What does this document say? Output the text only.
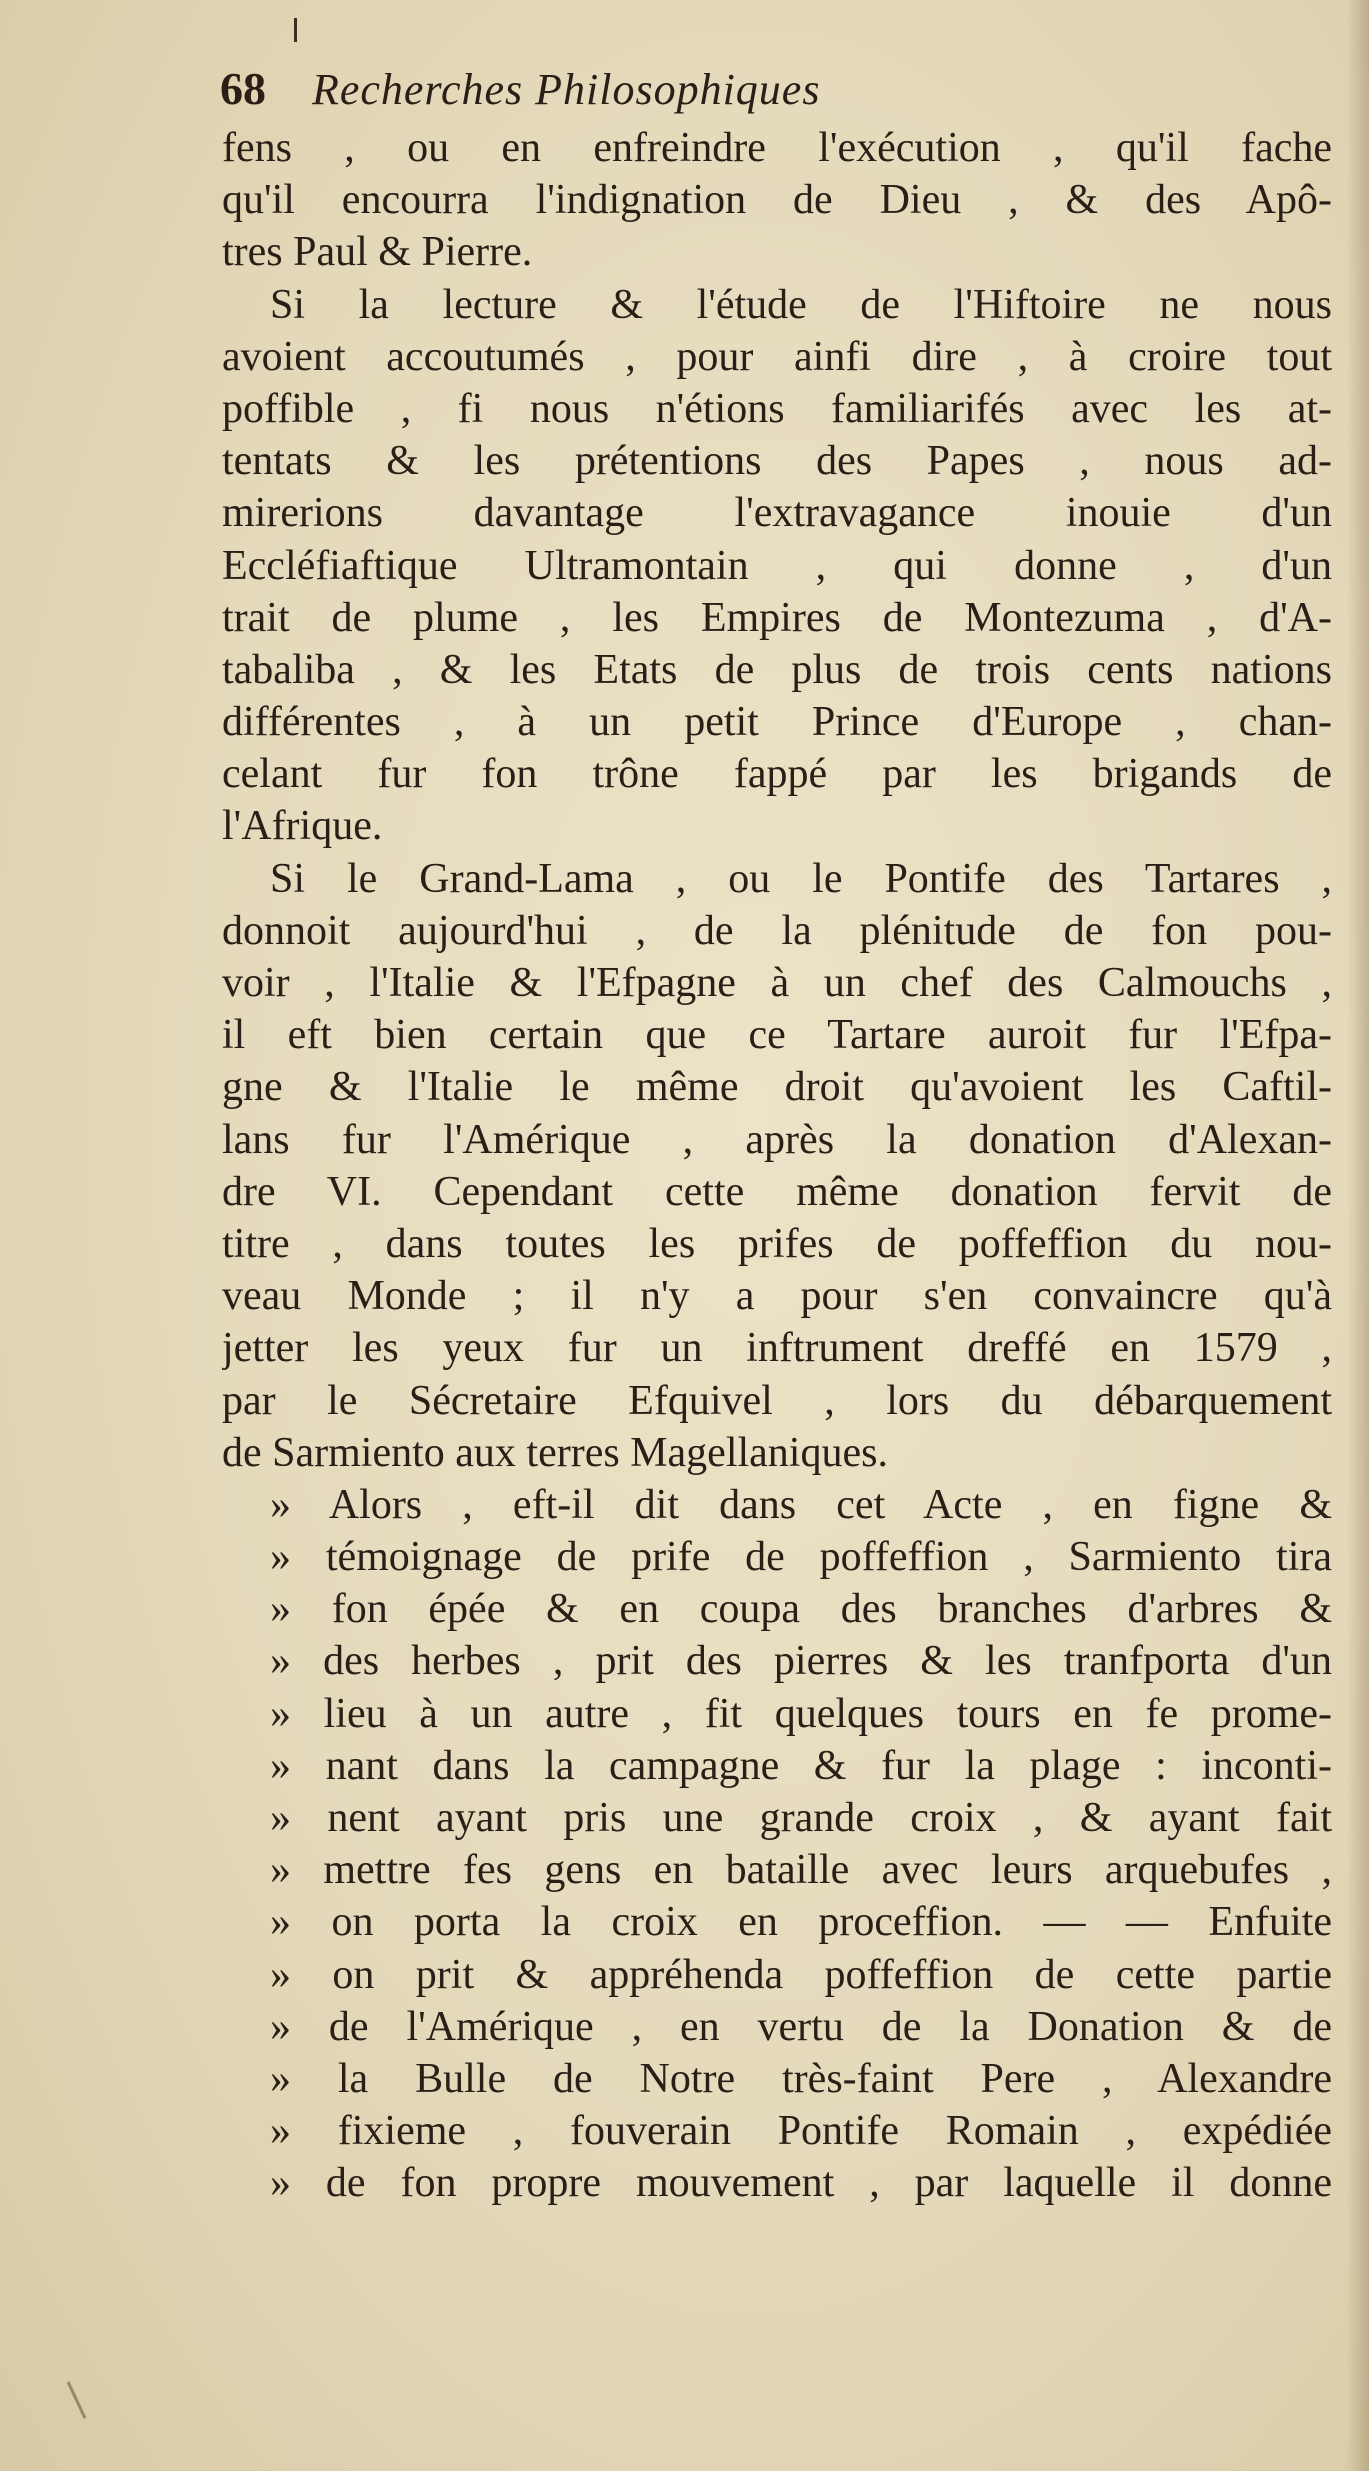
68 Recherches Philosophiques
fens , ou en enfreindre l'exécution , qu'il fache
qu'il encourra l'indignation de Dieu , & des Apô-
tres Paul & Pierre.
Si la lecture & l'étude de l'Hiftoire ne nous
avoient accoutumés , pour ainfi dire , à croire tout
poffible , fi nous n'étions familiarifés avec les at-
tentats & les prétentions des Papes , nous ad-
mirerions davantage l'extravagance inouie d'un
Eccléfiaftique Ultramontain , qui donne , d'un
trait de plume , les Empires de Montezuma , d'A-
tabaliba , & les Etats de plus de trois cents nations
différentes , à un petit Prince d'Europe , chan-
celant fur fon trône fappé par les brigands de
l'Afrique.
Si le Grand-Lama , ou le Pontife des Tartares ,
donnoit aujourd'hui , de la plénitude de fon pou-
voir , l'Italie & l'Efpagne à un chef des Calmouchs ,
il eft bien certain que ce Tartare auroit fur l'Efpa-
gne & l'Italie le même droit qu'avoient les Caftil-
lans fur l'Amérique , après la donation d'Alexan-
dre VI. Cependant cette même donation fervit de
titre , dans toutes les prifes de poffeffion du nou-
veau Monde ; il n'y a pour s'en convaincre qu'à
jetter les yeux fur un inftrument dreffé en 1579 ,
par le Sécretaire Efquivel , lors du débarquement
de Sarmiento aux terres Magellaniques.
» Alors , eft-il dit dans cet Acte , en figne &
» témoignage de prife de poffeffion , Sarmiento tira
» fon épée & en coupa des branches d'arbres &
» des herbes , prit des pierres & les tranfporta d'un
» lieu à un autre , fit quelques tours en fe prome-
» nant dans la campagne & fur la plage : inconti-
» nent ayant pris une grande croix , & ayant fait
» mettre fes gens en bataille avec leurs arquebufes ,
» on porta la croix en proceffion. — — Enfuite
» on prit & appréhenda poffeffion de cette partie
» de l'Amérique , en vertu de la Donation & de
» la Bulle de Notre très-faint Pere , Alexandre
» fixieme , fouverain Pontife Romain , expédiée
» de fon propre mouvement , par laquelle il donne
